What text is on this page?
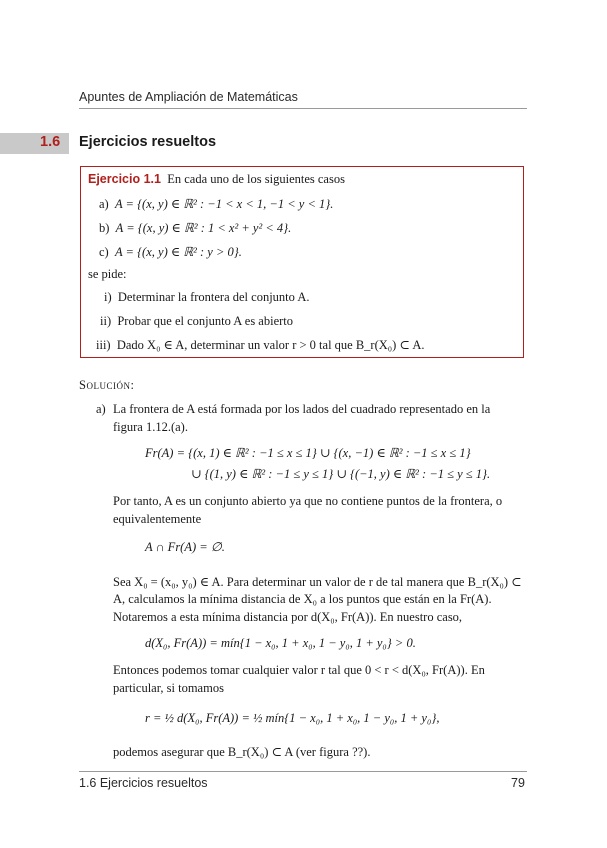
Apuntes de Ampliación de Matemáticas
1.6 Ejercicios resueltos
Ejercicio 1.1 En cada uno de los siguientes casos
a) A = {(x, y) ∈ ℝ² : −1 < x < 1, −1 < y < 1}.
b) A = {(x, y) ∈ ℝ² : 1 < x² + y² < 4}.
c) A = {(x, y) ∈ ℝ² : y > 0}.
se pide:
i) Determinar la frontera del conjunto A.
ii) Probar que el conjunto A es abierto
iii) Dado X₀ ∈ A, determinar un valor r > 0 tal que B_r(X₀) ⊂ A.
Solución:
a) La frontera de A está formada por los lados del cuadrado representado en la
figura 1.12.(a).
Fr(A) = {(x, 1) ∈ ℝ² : −1 ≤ x ≤ 1} ∪ {(x, −1) ∈ ℝ² : −1 ≤ x ≤ 1}
∪ {(1, y) ∈ ℝ² : −1 ≤ y ≤ 1} ∪ {(−1, y) ∈ ℝ² : −1 ≤ y ≤ 1}.
Por tanto, A es un conjunto abierto ya que no contiene puntos de la frontera, o
equivalentemente
A ∩ Fr(A) = ∅.
Sea X₀ = (x₀, y₀) ∈ A. Para determinar un valor de r de tal manera que B_r(X₀) ⊂
A, calculamos la mínima distancia de X₀ a los puntos que están en la Fr(A).
Notaremos a esta mínima distancia por d(X₀, Fr(A)). En nuestro caso,
d(X₀, Fr(A)) = mín{1 − x₀, 1 + x₀, 1 − y₀, 1 + y₀} > 0.
Entonces podemos tomar cualquier valor r tal que 0 < r < d(X₀, Fr(A)). En
particular, si tomamos
r = ½ d(X₀, Fr(A)) = ½ mín{1 − x₀, 1 + x₀, 1 − y₀, 1 + y₀},
podemos asegurar que B_r(X₀) ⊂ A (ver figura ??).
1.6 Ejercicios resueltos	79
